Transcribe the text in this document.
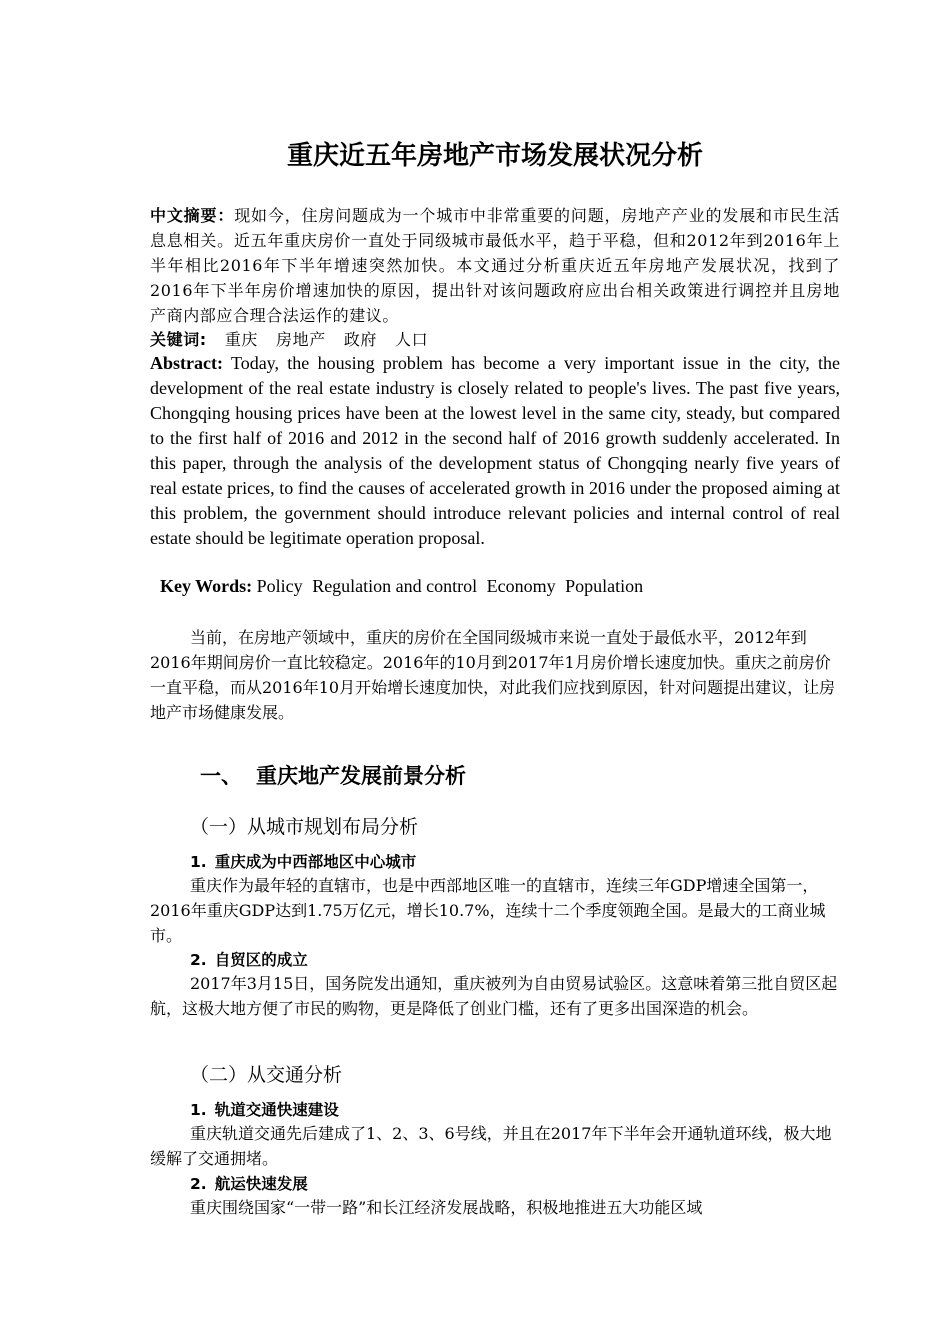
重庆近五年房地产市场发展状况分析
中文摘要：现如今，住房问题成为一个城市中非常重要的问题，房地产产业的发展和市民生活息息相关。近五年重庆房价一直处于同级城市最低水平，趋于平稳，但和2012年到2016年上半年相比2016年下半年增速突然加快。本文通过分析重庆近五年房地产发展状况，找到了2016年下半年房价增速加快的原因，提出针对该问题政府应出台相关政策进行调控并且房地产商内部应合理合法运作的建议。
关键词: 重庆 房地产 政府 人口
Abstract: Today, the housing problem has become a very important issue in the city, the development of the real estate industry is closely related to people's lives. The past five years, Chongqing housing prices have been at the lowest level in the same city, steady, but compared to the first half of 2016 and 2012 in the second half of 2016 growth suddenly accelerated. In this paper, through the analysis of the development status of Chongqing nearly five years of real estate prices, to find the causes of accelerated growth in 2016 under the proposed aiming at this problem, the government should introduce relevant policies and internal control of real estate should be legitimate operation proposal.
Key Words: Policy Regulation and control Economy Population
当前，在房地产领域中，重庆的房价在全国同级城市来说一直处于最低水平，2012年到2016年期间房价一直比较稳定。2016年的10月到2017年1月房价增长速度加快。重庆之前房价一直平稳，而从2016年10月开始增长速度加快，对此我们应找到原因，针对问题提出建议，让房地产市场健康发展。
一、 重庆地产发展前景分析
（一）从城市规划布局分析
1. 重庆成为中西部地区中心城市
重庆作为最年轻的直辖市，也是中西部地区唯一的直辖市，连续三年GDP增速全国第一，2016年重庆GDP达到1.75万亿元，增长10.7%，连续十二个季度领跑全国。是最大的工商业城市。
2. 自贸区的成立
2017年3月15日，国务院发出通知，重庆被列为自由贸易试验区。这意味着第三批自贸区起航，这极大地方便了市民的购物，更是降低了创业门槛，还有了更多出国深造的机会。
（二）从交通分析
1. 轨道交通快速建设
重庆轨道交通先后建成了1、2、3、6号线，并且在2017年下半年会开通轨道环线，极大地缓解了交通拥堵。
2. 航运快速发展
重庆围绕国家“一带一路”和长江经济发展战略，积极地推进五大功能区域
